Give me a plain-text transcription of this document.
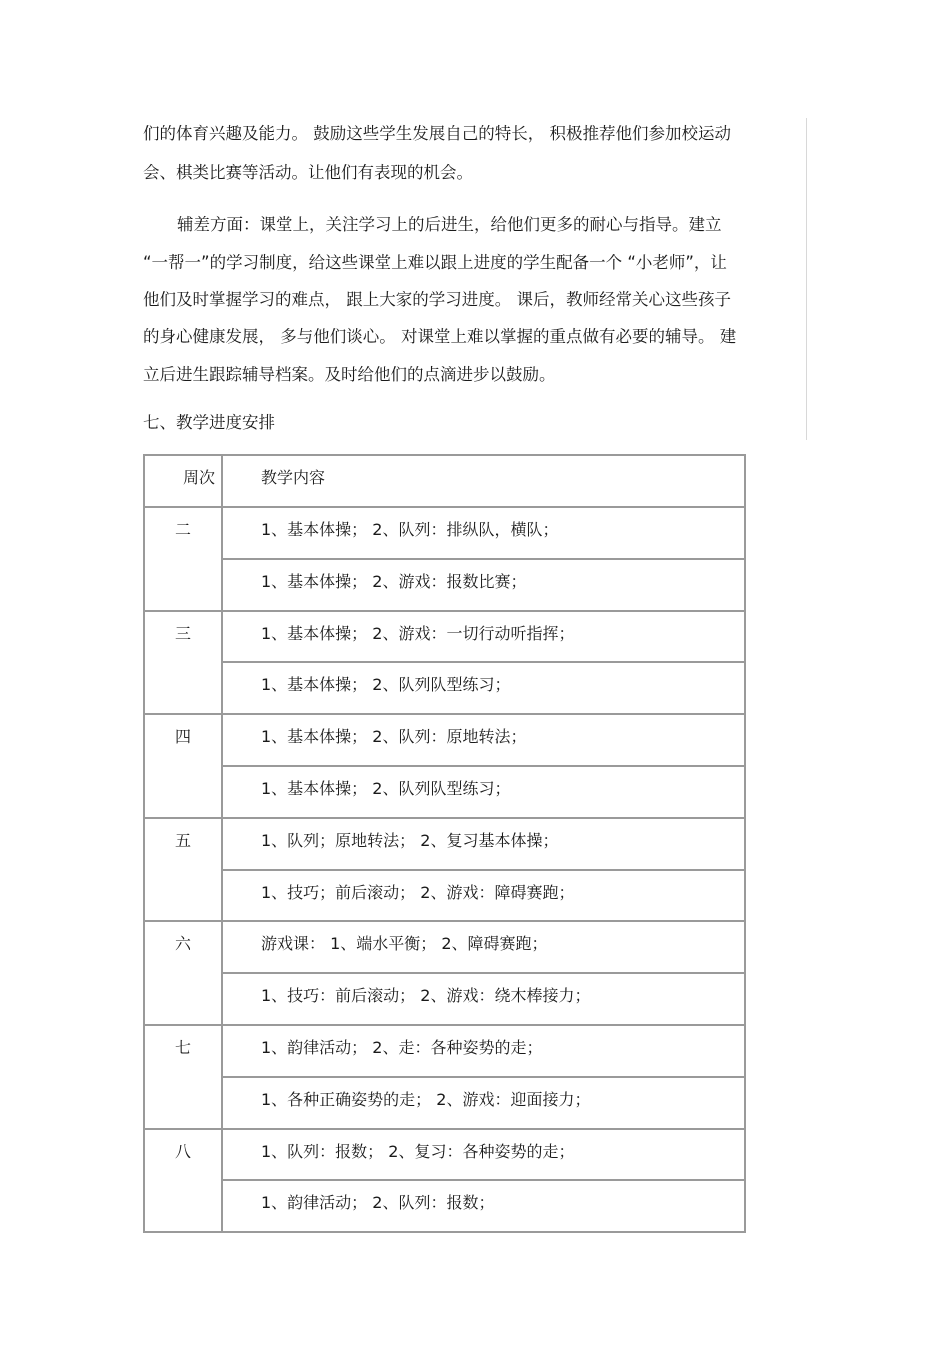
们的体育兴趣及能力。 鼓励这些学生发展自己的特长， 积极推荐他们参加校运动
会、棋类比赛等活动。让他们有表现的机会。
辅差方面：课堂上，关注学习上的后进生，给他们更多的耐心与指导。建立
“一帮一”的学习制度，给这些课堂上难以跟上进度的学生配备一个 “小老师”，让
他们及时掌握学习的难点， 跟上大家的学习进度。 课后，教师经常关心这些孩子
的身心健康发展， 多与他们谈心。 对课堂上难以掌握的重点做有必要的辅导。 建
立后进生跟踪辅导档案。及时给他们的点滴进步以鼓励。
七、教学进度安排
周次	教学内容
二	1、基本体操； 2、队列：排纵队，横队；
1、基本体操； 2、游戏：报数比赛；
三	1、基本体操； 2、游戏：一切行动听指挥；
1、基本体操； 2、队列队型练习；
四	1、基本体操； 2、队列：原地转法；
1、基本体操； 2、队列队型练习；
五	1、队列；原地转法； 2、复习基本体操；
1、技巧；前后滚动； 2、游戏：障碍赛跑；
六	游戏课： 1、端水平衡； 2、障碍赛跑；
1、技巧：前后滚动； 2、游戏：绕木棒接力；
七	1、韵律活动； 2、走：各种姿势的走；
1、各种正确姿势的走； 2、游戏：迎面接力；
八	1、队列：报数； 2、复习：各种姿势的走；
1、韵律活动； 2、队列：报数；
